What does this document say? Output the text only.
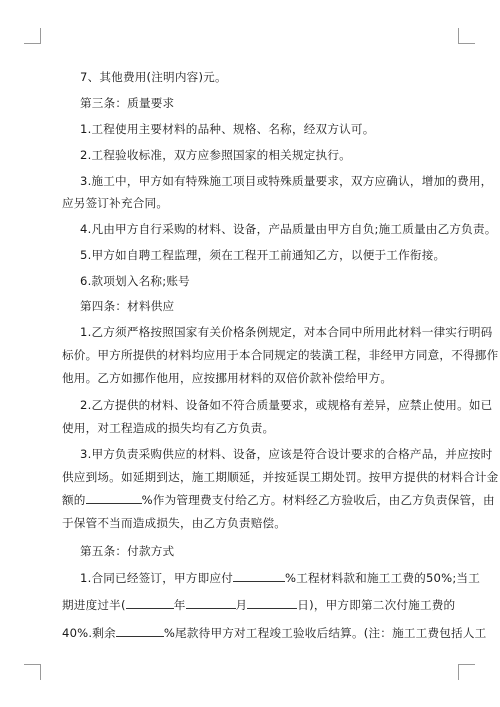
7、其他费用(注明内容)元。
第三条：质量要求
1.工程使用主要材料的品种、规格、名称，经双方认可。
2.工程验收标准，双方应参照国家的相关规定执行。
3.施工中，甲方如有特殊施工项目或特殊质量要求，双方应确认，增加的费用，
应另签订补充合同。
4.凡由甲方自行采购的材料、设备，产品质量由甲方自负;施工质量由乙方负责。
5.甲方如自聘工程监理，须在工程开工前通知乙方，以便于工作衔接。
6.款项划入名称;账号
第四条：材料供应
1.乙方须严格按照国家有关价格条例规定，对本合同中所用此材料一律实行明码
标价。甲方所提供的材料均应用于本合同规定的装潢工程，非经甲方同意，不得挪作
他用。乙方如挪作他用，应按挪用材料的双倍价款补偿给甲方。
2.乙方提供的材料、设备如不符合质量要求，或规格有差异，应禁止使用。如已
使用，对工程造成的损失均有乙方负责。
3.甲方负责采购供应的材料、设备，应该是符合设计要求的合格产品，并应按时
供应到场。如延期到达，施工期顺延，并按延误工期处罚。按甲方提供的材料合计金
额的	%作为管理费支付给乙方。材料经乙方验收后，由乙方负责保管，由
于保管不当而造成损失，由乙方负责赔偿。
第五条：付款方式
1.合同已经签订，甲方即应付	%工程材料款和施工工费的50%;当工
期进度过半(	年	月	日)，甲方即第二次付施工费的
40%.剩余	%尾款待甲方对工程竣工验收后结算。(注：施工工费包括人工
